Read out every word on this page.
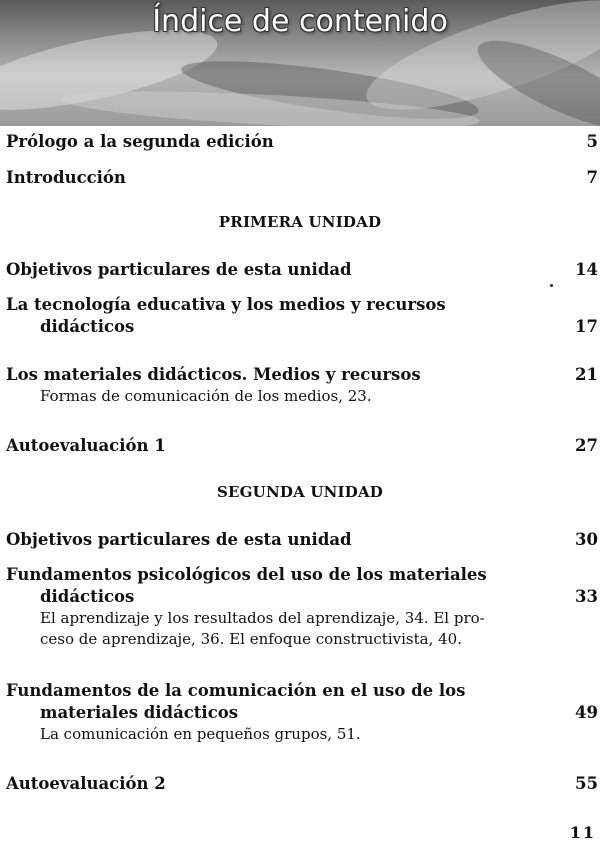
Índice de contenido
Prólogo a la segunda edición	5
Introducción	7
PRIMERA UNIDAD
Objetivos particulares de esta unidad	14
La tecnología educativa y los medios y recursos
didácticos	17
Los materiales didácticos. Medios y recursos	21
Formas de comunicación de los medios, 23.
Autoevaluación 1	27
SEGUNDA UNIDAD
Objetivos particulares de esta unidad	30
Fundamentos psicológicos del uso de los materiales
didácticos	33
El aprendizaje y los resultados del aprendizaje, 34. El pro-
ceso de aprendizaje, 36. El enfoque constructivista, 40.
Fundamentos de la comunicación en el uso de los
materiales didácticos	49
La comunicación en pequeños grupos, 51.
Autoevaluación 2	55
11
